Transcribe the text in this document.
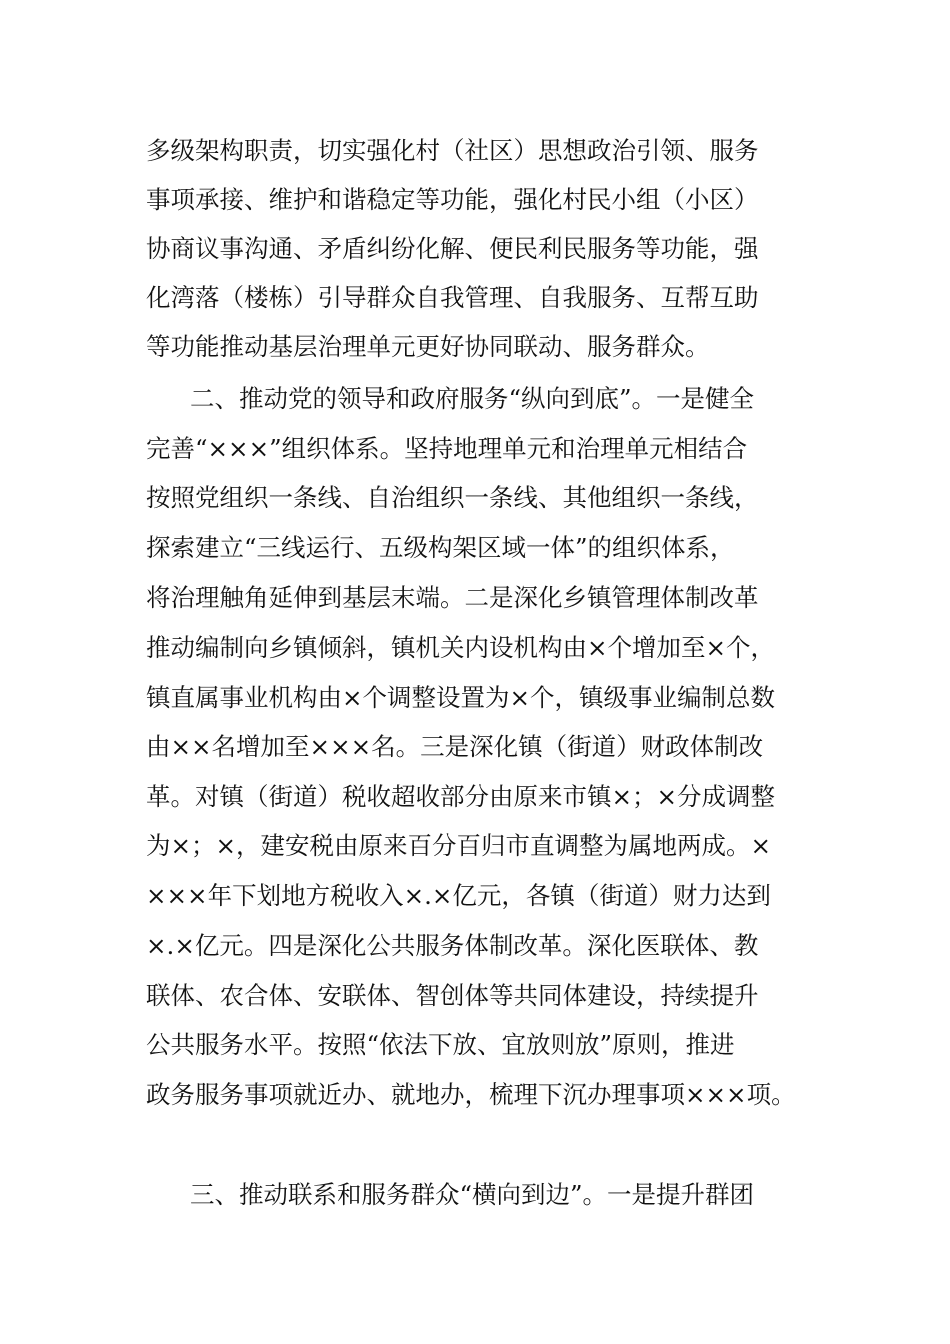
多级架构职责，切实强化村（社区）思想政治引领、服务
事项承接、维护和谐稳定等功能，强化村民小组（小区）
协商议事沟通、矛盾纠纷化解、便民利民服务等功能，强
化湾落（楼栋）引导群众自我管理、自我服务、互帮互助
等功能推动基层治理单元更好协同联动、服务群众。
二、推动党的领导和政府服务“纵向到底”。一是健全
完善“×××”组织体系。坚持地理单元和治理单元相结合
按照党组织一条线、自治组织一条线、其他组织一条线，
探索建立“三线运行、五级构架区域一体”的组织体系，
将治理触角延伸到基层末端。二是深化乡镇管理体制改革
推动编制向乡镇倾斜，镇机关内设机构由×个增加至×个，
镇直属事业机构由×个调整设置为×个，镇级事业编制总数
由××名增加至×××名。三是深化镇（街道）财政体制改
革。对镇（街道）税收超收部分由原来市镇×；×分成调整
为×；×，建安税由原来百分百归市直调整为属地两成。×
×××年下划地方税收入×.×亿元，各镇（街道）财力达到
×.×亿元。四是深化公共服务体制改革。深化医联体、教
联体、农合体、安联体、智创体等共同体建设，持续提升
公共服务水平。按照“依法下放、宜放则放”原则，推进
政务服务事项就近办、就地办，梳理下沉办理事项×××项。
三、推动联系和服务群众“横向到边”。一是提升群团
